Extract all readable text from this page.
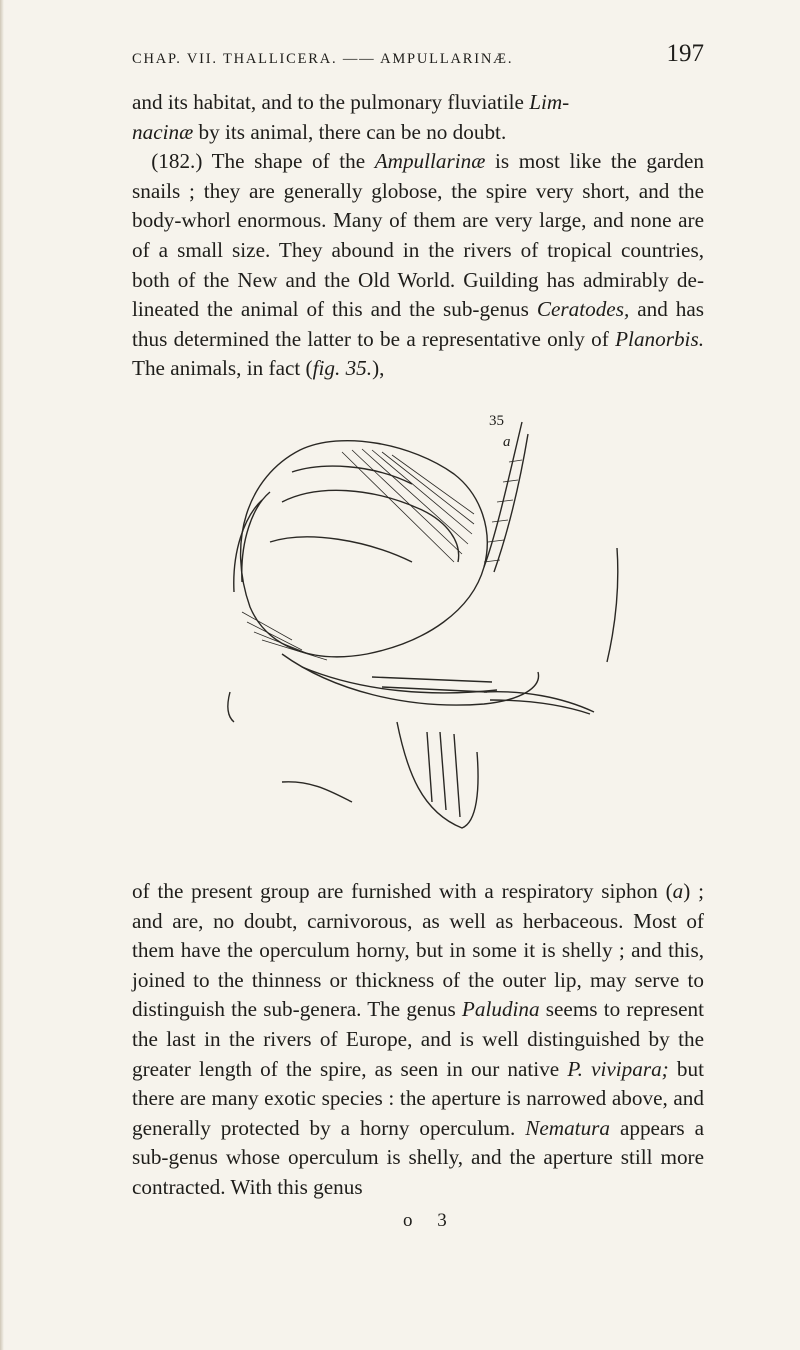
CHAP. VII. THALLICERA. —— AMPULLARINÆ.	197

and its habitat, and to the pulmonary fluviatile Lim-
nacinæ by its animal, there can be no doubt.
(182.) The shape of the Ampullarinæ is most like the garden snails ; they are generally globose, the spire very short, and the body-whorl enormous. Many of them are very large, and none are of a small size. They abound in the rivers of tropical countries, both of the New and the Old World. Guilding has admirably delineated the animal of this and the sub-genus Ceratodes, and has thus determined the latter to be a representative only of Planorbis. The animals, in fact (fig. 35.),

35
a

of the present group are furnished with a respiratory siphon (a) ; and are, no doubt, carnivorous, as well as herbaceous. Most of them have the operculum horny, but in some it is shelly ; and this, joined to the thinness or thickness of the outer lip, may serve to distinguish the sub-genera. The genus Paludina seems to represent the last in the rivers of Europe, and is well distinguished by the greater length of the spire, as seen in our native P. vivipara; but there are many exotic species : the aperture is narrowed above, and generally protected by a horny operculum. Nematura appears a sub-genus whose operculum is shelly, and the aperture still more contracted. With this genus

o 3
